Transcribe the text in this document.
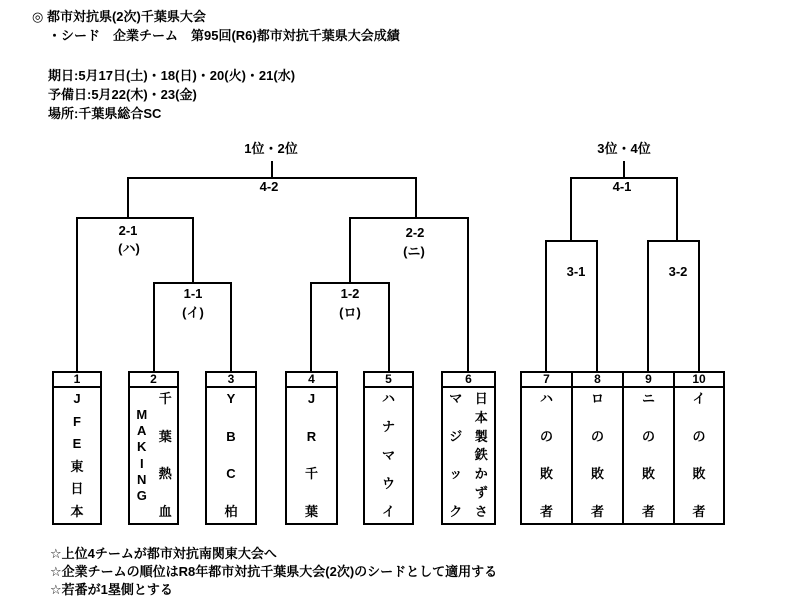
◎ 都市対抗県(2次)千葉県大会
・シード　企業チーム　第95回(R6)都市対抗千葉県大会成績
期日:5月17日(土)・18(日)・20(火)・21(水)
予備日:5月22(木)・23(金)
場所:千葉県総合SC
1位・2位
4-2
2-1
(ハ)
1-1
(イ)
2-2
(ニ)
1-2
(ロ)
3位・4位
4-1
3-1	3-2
1
J
F
E
東
日
本
2
千
葉
熱
血
M
A
K
I
N
G
3
Y
B
C
柏
4
J
R
千
葉
5
ハ
ナ
マ
ウ
イ
6
日
本
製
鉄
か
ず
さ
マ
ジ
ッ
ク
7
ハ
の
敗
者
8
ロ
の
敗
者
9
ニ
の
敗
者
10
イ
の
敗
者
☆上位4チームが都市対抗南関東大会へ
☆企業チームの順位はR8年都市対抗千葉県大会(2次)のシードとして適用する
☆若番が1塁側とする
